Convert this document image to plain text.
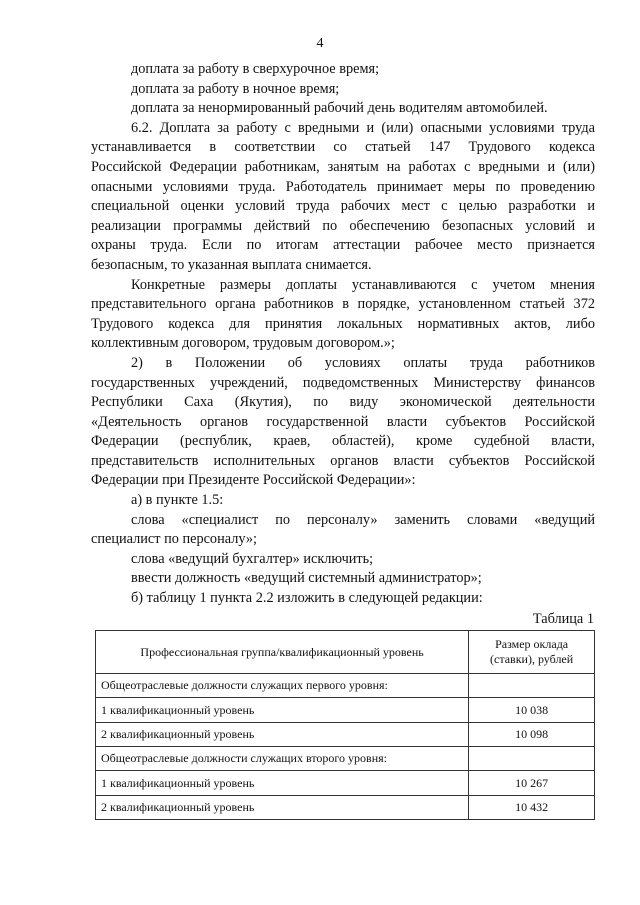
4
доплата за работу в сверхурочное время;
доплата за работу в ночное время;
доплата за ненормированный рабочий день водителям автомобилей.
6.2. Доплата за работу с вредными и (или) опасными условиями труда
устанавливается в соответствии со статьей 147 Трудового кодекса
Российской Федерации работникам, занятым на работах с вредными и (или)
опасными условиями труда. Работодатель принимает меры по проведению
специальной оценки условий труда рабочих мест с целью разработки и
реализации программы действий по обеспечению безопасных условий и
охраны труда. Если по итогам аттестации рабочее место признается
безопасным, то указанная выплата снимается.
Конкретные размеры доплаты устанавливаются с учетом мнения
представительного органа работников в порядке, установленном статьей 372
Трудового кодекса для принятия локальных нормативных актов, либо
коллективным договором, трудовым договором.»;
2) в Положении об условиях оплаты труда работников
государственных учреждений, подведомственных Министерству финансов
Республики Саха (Якутия), по виду экономической деятельности
«Деятельность органов государственной власти субъектов Российской
Федерации (республик, краев, областей), кроме судебной власти,
представительств исполнительных органов власти субъектов Российской
Федерации при Президенте Российской Федерации»:
а) в пункте 1.5:
слова «специалист по персоналу» заменить словами «ведущий
специалист по персоналу»;
слова «ведущий бухгалтер» исключить;
ввести должность «ведущий системный администратор»;
б) таблицу 1 пункта 2.2 изложить в следующей редакции:
Таблица 1
Профессиональная группа/квалификационный уровень	Размер оклада
(ставки), рублей
Общеотраслевые должности служащих первого уровня:	
1 квалификационный уровень	10 038
2 квалификационный уровень	10 098
Общеотраслевые должности служащих второго уровня:	
1 квалификационный уровень	10 267
2 квалификационный уровень	10 432
